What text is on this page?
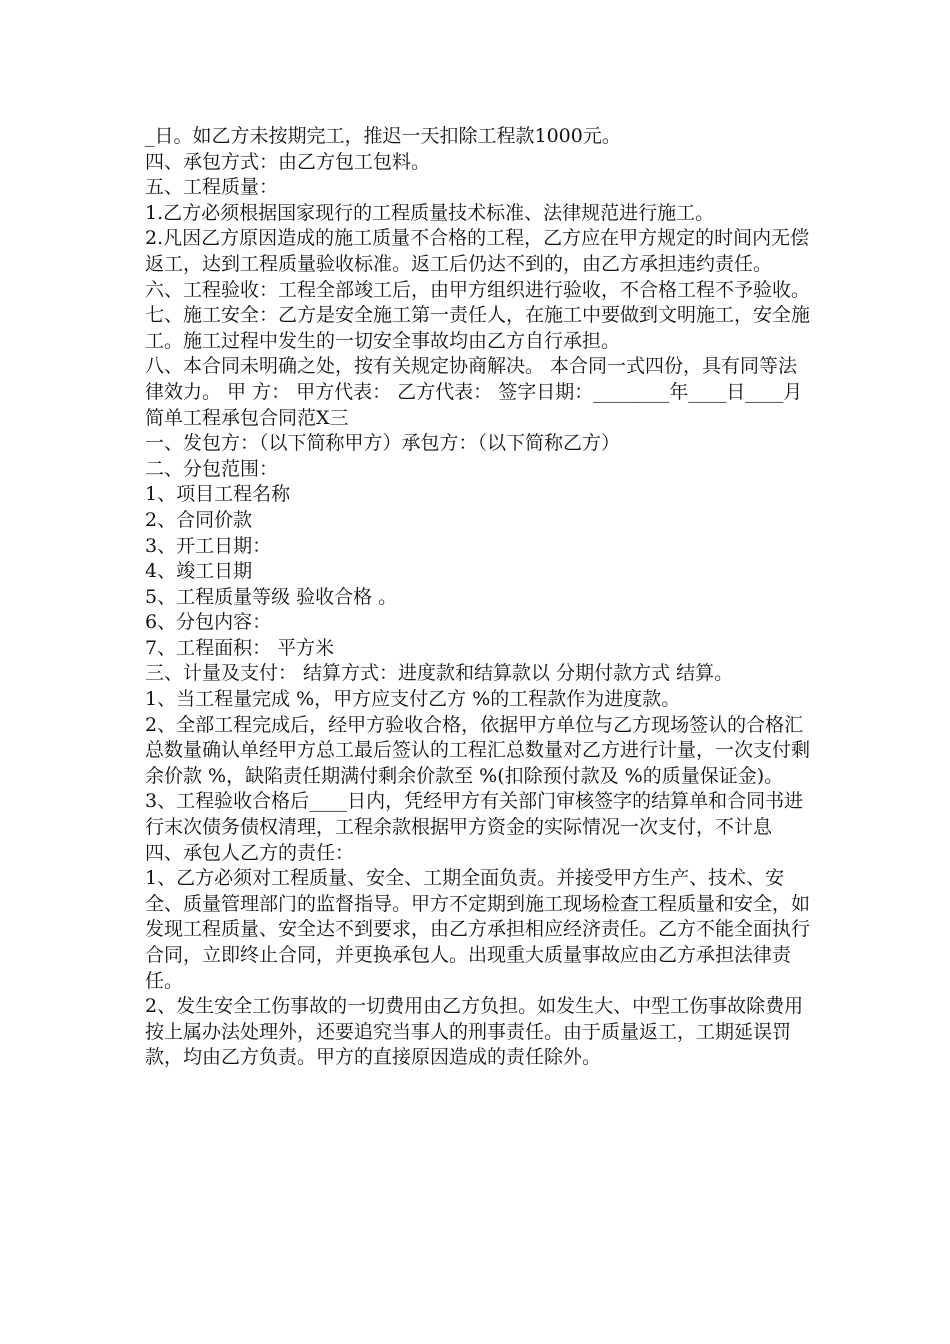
_日。如乙方未按期完工，推迟一天扣除工程款1000元。

四、承包方式：由乙方包工包料。

五、工程质量：

1.乙方必须根据国家现行的工程质量技术标准、法律规范进行施工。

2.凡因乙方原因造成的施工质量不合格的工程，乙方应在甲方规定的时间内无偿返工，达到工程质量验收标准。返工后仍达不到的，由乙方承担违约责任。

六、工程验收：工程全部竣工后，由甲方组织进行验收，不合格工程不予验收。

七、施工安全：乙方是安全施工第一责任人，在施工中要做到文明施工，安全施工。施工过程中发生的一切安全事故均由乙方自行承担。

八、本合同未明确之处，按有关规定协商解决。 本合同一式四份，具有同等法律效力。 甲 方： 甲方代表： 乙方代表： 签字日期：________年____日____月 简单工程承包合同范X三

一、发包方：（以下简称甲方）承包方：（以下简称乙方）

二、分包范围：

1、项目工程名称

2、合同价款

3、开工日期：

4、竣工日期

5、工程质量等级 验收合格 。

6、分包内容：

7、工程面积： 平方米

三、计量及支付： 结算方式：进度款和结算款以 分期付款方式 结算。

1、当工程量完成 %，甲方应支付乙方 %的工程款作为进度款。

2、全部工程完成后，经甲方验收合格，依据甲方单位与乙方现场签认的合格汇总数量确认单经甲方总工最后签认的工程汇总数量对乙方进行计量，一次支付剩余价款 %，缺陷责任期满付剩余价款至 %(扣除预付款及 %的质量保证金)。

3、工程验收合格后____日内，凭经甲方有关部门审核签字的结算单和合同书进行末次债务债权清理，工程余款根据甲方资金的实际情况一次支付，不计息

四、承包人乙方的责任：

1、乙方必须对工程质量、安全、工期全面负责。并接受甲方生产、技术、安全、质量管理部门的监督指导。甲方不定期到施工现场检查工程质量和安全，如发现工程质量、安全达不到要求，由乙方承担相应经济责任。乙方不能全面执行合同，立即终止合同，并更换承包人。出现重大质量事故应由乙方承担法律责任。

2、发生安全工伤事故的一切费用由乙方负担。如发生大、中型工伤事故除费用按上属办法处理外，还要追究当事人的刑事责任。由于质量返工，工期延误罚款，均由乙方负责。甲方的直接原因造成的责任除外。
